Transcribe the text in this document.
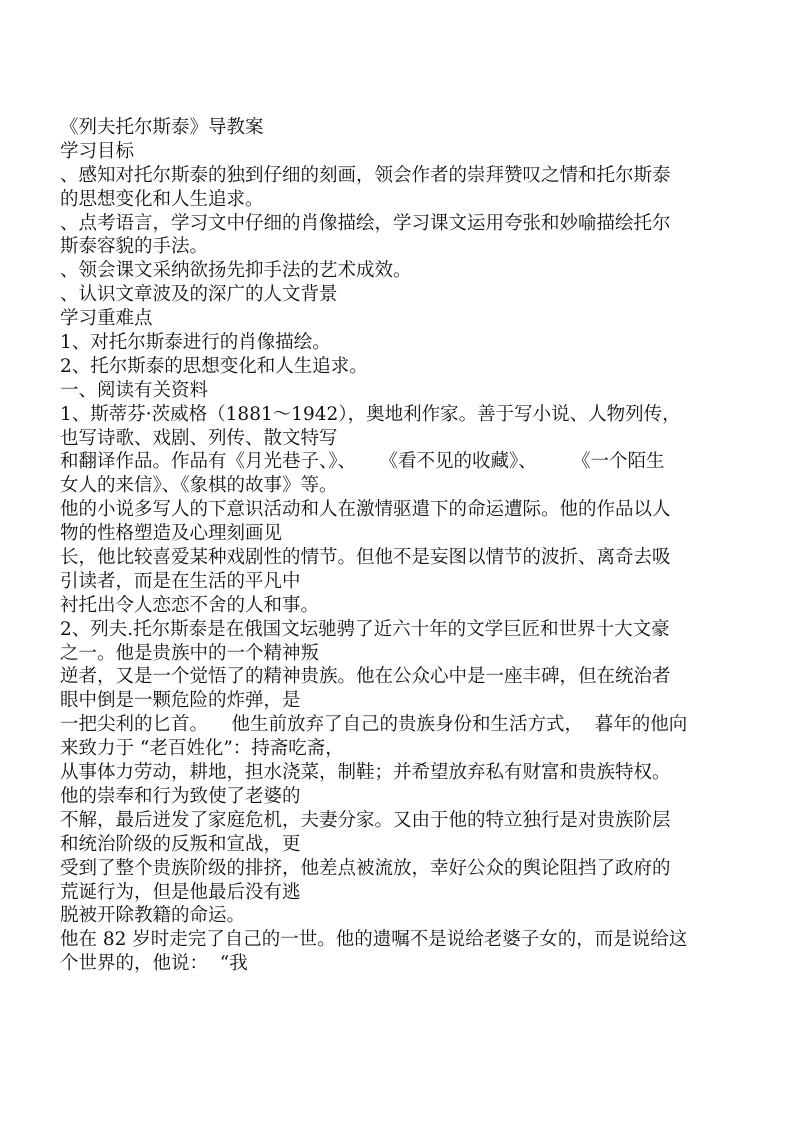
《列夫托尔斯泰》导教案
学习目标
、感知对托尔斯泰的独到仔细的刻画，领会作者的崇拜赞叹之情和托尔斯泰
的思想变化和人生追求。
、点考语言，学习文中仔细的肖像描绘，学习课文运用夸张和妙喻描绘托尔
斯泰容貌的手法。
、领会课文采纳欲扬先抑手法的艺术成效。
、认识文章波及的深广的人文背景
学习重难点
1、对托尔斯泰进行的肖像描绘。
2、托尔斯泰的思想变化和人生追求。
一、阅读有关资料
1、斯蒂芬·茨威格（1881～1942），奥地利作家。善于写小说、人物列传，
也写诗歌、戏剧、列传、散文特写
和翻译作品。作品有《月光巷子、》、    《看不见的收藏》、      《一个陌生
女人的来信》、《象棋的故事》等。
他的小说多写人的下意识活动和人在激情驱遣下的命运遭际。他的作品以人
物的性格塑造及心理刻画见
长，他比较喜爱某种戏剧性的情节。但他不是妄图以情节的波折、离奇去吸
引读者，而是在生活的平凡中
衬托出令人恋恋不舍的人和事。
2、列夫.托尔斯泰是在俄国文坛驰骋了近六十年的文学巨匠和世界十大文豪
之一。他是贵族中的一个精神叛
逆者，又是一个觉悟了的精神贵族。他在公众心中是一座丰碑，但在统治者
眼中倒是一颗危险的炸弹，是
一把尖利的匕首。    他生前放弃了自己的贵族身份和生活方式，  暮年的他向
来致力于 “老百姓化”：持斋吃斋，
从事体力劳动，耕地，担水浇菜，制鞋；并希望放弃私有财富和贵族特权。
他的崇奉和行为致使了老婆的
不解，最后迸发了家庭危机，夫妻分家。又由于他的特立独行是对贵族阶层
和统治阶级的反叛和宣战，更
受到了整个贵族阶级的排挤，他差点被流放，幸好公众的舆论阻挡了政府的
荒诞行为，但是他最后没有逃
脱被开除教籍的命运。
他在 82 岁时走完了自己的一世。他的遗嘱不是说给老婆子女的，而是说给这
个世界的，他说：  “我
